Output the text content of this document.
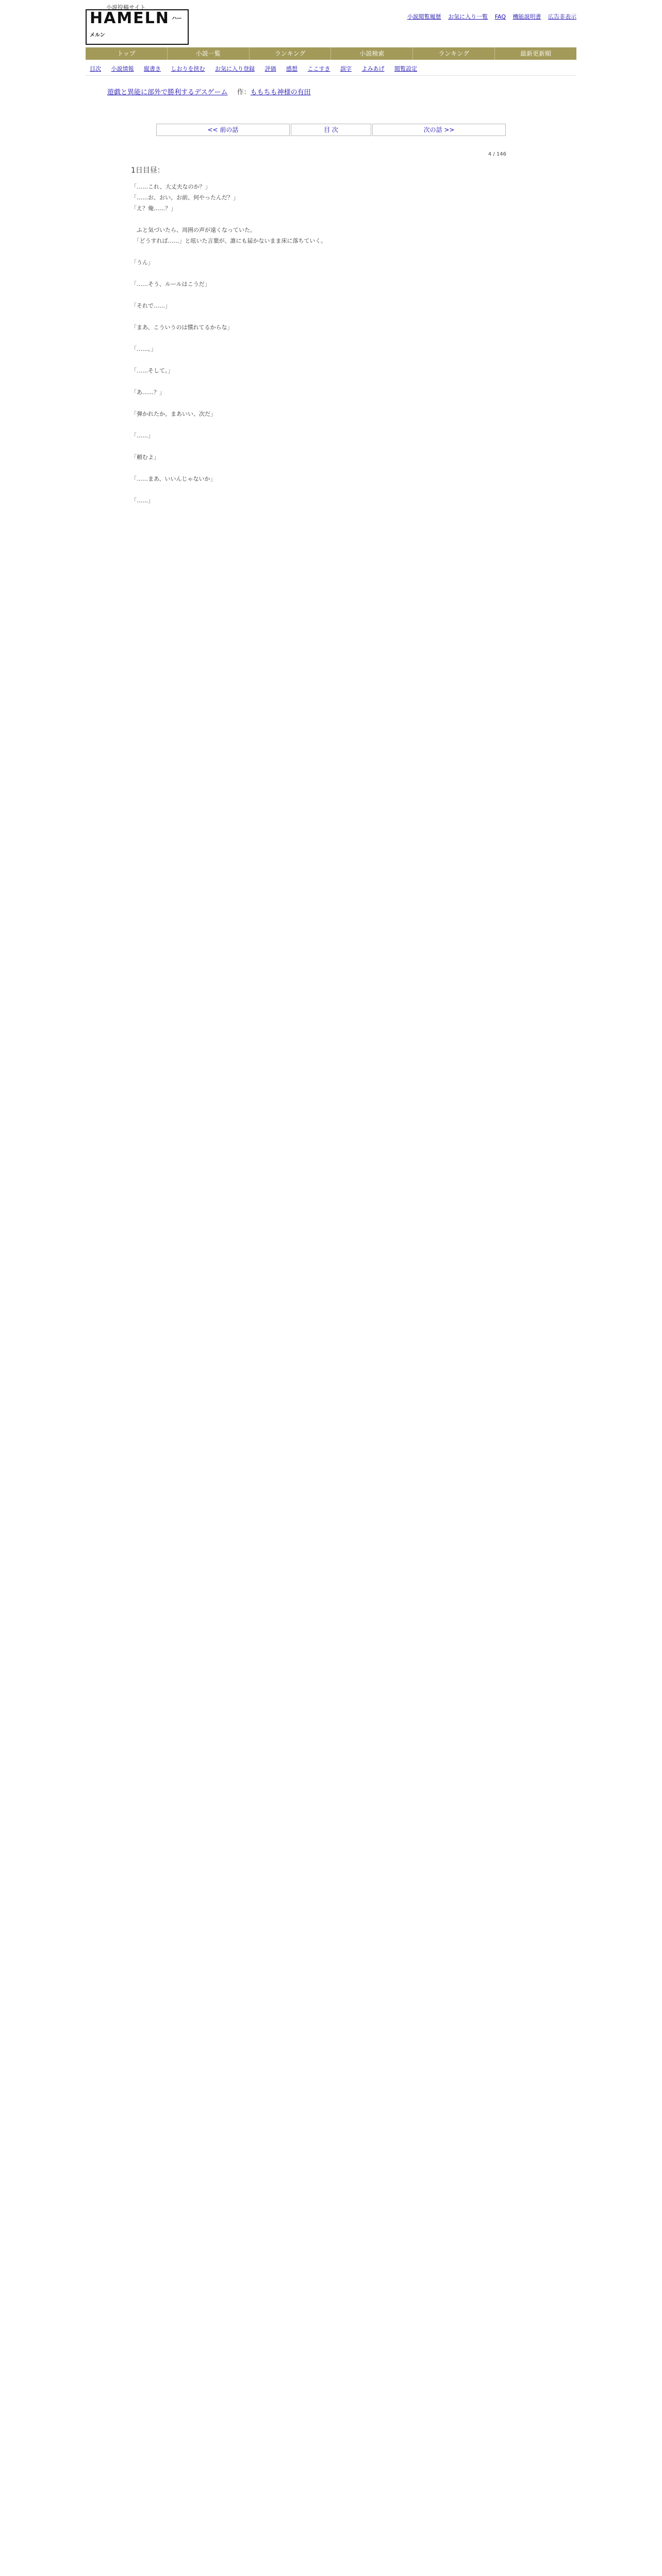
小説投稿サイト
HAMELN ハーメルン
小説閲覧履歴 お気に入り一覧 FAQ 機能説明書 広告非表示
トップ	小説一覧	ランキング	小説検索	ランキング	最新更新順
目次 小説情報 縦書き しおりを挟む お気に入り登録 評価 感想 ここすき 誤字 よみあげ 閲覧設定
遊戯と異能に部外で勝利するデスゲーム 作：ももちも神様の有田
<< 前の話	目 次	次の話 >>
4 / 146
1日目昼：

「……これ、大丈夫なのか？」

「……お、おい。お前、何やったんだ？」

「え？俺……？」

　ふと気づいたら、周囲の声が遠くなっていた。

　「どうすれば……」と呟いた言葉が、誰にも届かないまま床に落ちていく。

「うん」

「……そう、ルールはこうだ」

「それで……」

「まあ、こういうのは慣れてるからな」

「……。」

「……そして。」

「あ……？」

「弾かれたか。まあいい、次だ」

「……」

「頼むよ」

「……まあ、いいんじゃないか」

「……」
